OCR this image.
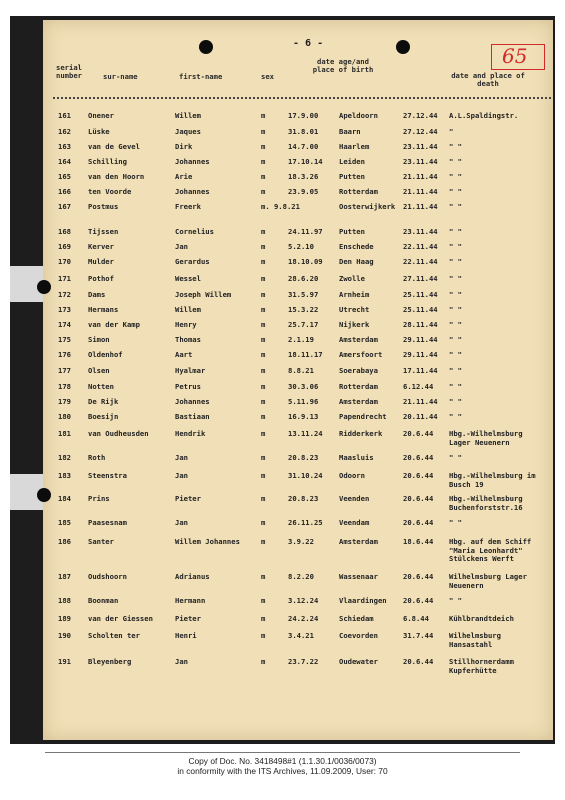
- 6 -
65
serial number	sur-name	first-name	sex
date age/and place of birth
date and place of death
161 Onener	Willem	m	17.9.00	Apeldoorn	27.12.44 A.L.Spaldingstr.
162 Lüske	Jaques	m	31.8.01	Baarn	27.12.44 "
163 van de Gevel	Dirk	m	14.7.00	Haarlem	23.11.44 " "
164 Schilling	Johannes	m	17.10.14 Leiden	23.11.44 " "
165 van den Hoorn	Arie	m	18.3.26	Putten	21.11.44 " "
166 ten Voorde	Johannes	m	23.9.05	Rotterdam	21.11.44 " "
167 Postmus	Freerk	m. 9.8.21	Oosterwijkerk 21.11.44 " "
168 Tijssen	Cornelius	m	24.11.97 Putten	23.11.44 " "
169 Kerver	Jan	m	5.2.10	Enschede	22.11.44 " "
170 Mulder	Gerardus	m	18.10.09 Den Haag	22.11.44 " "
171 Pothof	Wessel	m	28.6.20	Zwolle	27.11.44 " "
172 Dams	Joseph Willem	m	31.5.97	Arnheim	25.11.44 " "
173 Hermans	Willem	m	15.3.22	Utrecht	25.11.44 " "
174 van der Kamp	Henry	m	25.7.17	Nijkerk	28.11.44 " "
175 Simon	Thomas	m	2.1.19	Amsterdam	29.11.44 " "
176 Oldenhof	Aart	m	18.11.17 Amersfoort	29.11.44 " "
177 Olsen	Hyalmar	m	8.8.21	Soerabaya	17.11.44 " "
178 Notten	Petrus	m	30.3.06	Rotterdam	6.12.44 " "
179 De Rijk	Johannes	m	5.11.96	Amsterdam	21.11.44 " "
180 Boesijn	Bastiaan	m	16.9.13	Papendrecht 20.11.44 " "
181 van Oudheusden	Hendrik	m	13.11.24 Ridderkerk	20.6.44 Hbg.-Wilhelmsburg Lager Neuenern
182 Roth	Jan	m	20.8.23	Maasluis	20.6.44 " "
183 Steenstra	Jan	m	31.10.24 Odoorn	20.6.44 Hbg.-Wilhelmsburg im Busch 19
184 Prins	Pieter	m	20.8.23	Veenden	20.6.44 Hbg.-Wilhelmsburg Buchenforststr.16
185 Paasesnam	Jan	m	26.11.25 Veendam	20.6.44 " "
186 Santer	Willem Johannes	m	3.9.22	Amsterdam	18.6.44 Hbg. auf dem Schiff "Maria Leonhardt" Stülckens Werft
187 Oudshoorn	Adrianus	m	8.2.20	Wassenaar	20.6.44 Wilhelmsburg Lager Neuenern
188 Boonman	Hermann	m	3.12.24	Vlaardingen 20.6.44 " "
189 van der Giessen	Pieter	m	24.2.24	Schiedam	6.8.44	Kühlbrandtdeich
190 Scholten ter	Henri	m	3.4.21	Coevorden	31.7.44 Wilhelmsburg Hansastahl
191 Bleyenberg	Jan	m	23.7.22	Oudewater	20.6.44 Stillhornerdamm Kupferhütte
Copy of Doc. No. 3418498#1 (1.1.30.1/0036/0073)
in conformity with the ITS Archives, 11.09.2009, User: 70
